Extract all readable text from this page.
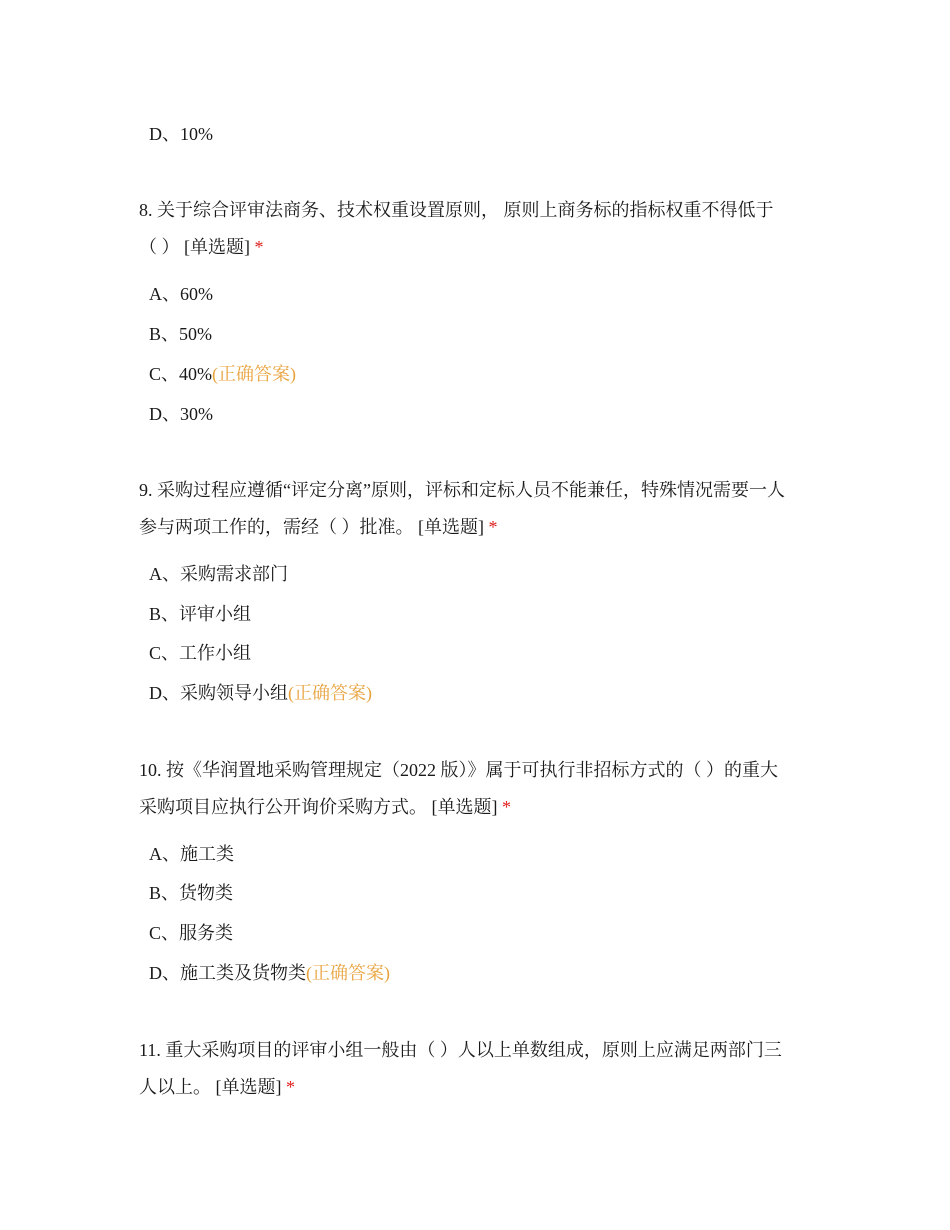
D、10%
8. 关于综合评审法商务、技术权重设置原则， 原则上商务标的指标权重不得低于
（ ） [单选题] *
A、60%
B、50%
C、40%(正确答案)
D、30%
9. 采购过程应遵循“评定分离”原则，评标和定标人员不能兼任，特殊情况需要一人
参与两项工作的，需经（ ）批准。 [单选题] *
A、采购需求部门
B、评审小组
C、工作小组
D、采购领导小组(正确答案)
10. 按《华润置地采购管理规定（2022 版）》属于可执行非招标方式的（ ）的重大
采购项目应执行公开询价采购方式。 [单选题] *
A、施工类
B、货物类
C、服务类
D、施工类及货物类(正确答案)
11. 重大采购项目的评审小组一般由（ ）人以上单数组成，原则上应满足两部门三
人以上。 [单选题] *
